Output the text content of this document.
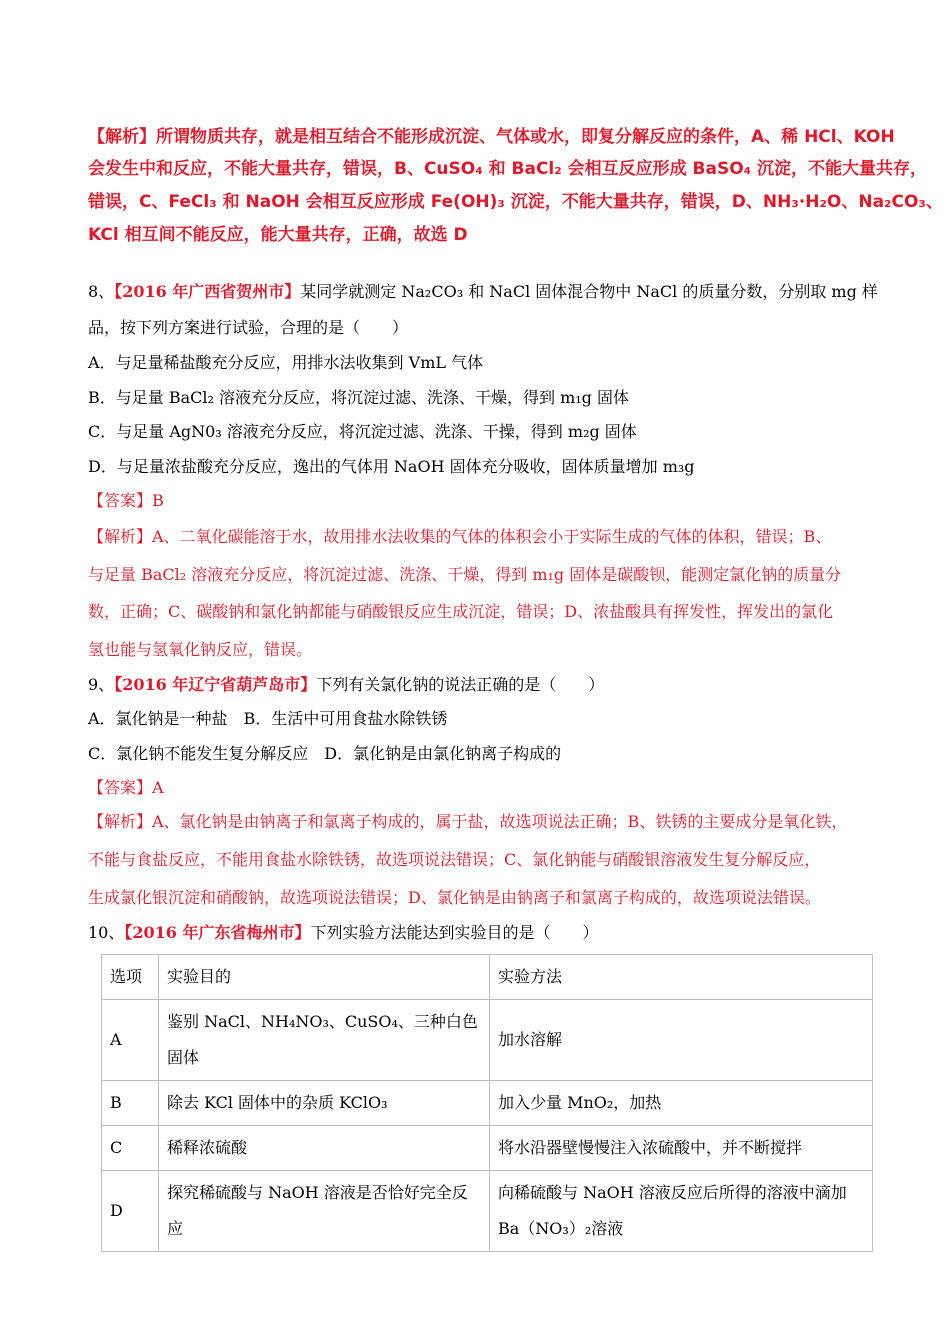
【解析】所谓物质共存，就是相互结合不能形成沉淀、气体或水，即复分解反应的条件，A、稀 HCl、KOH
会发生中和反应，不能大量共存，错误，B、CuSO₄ 和 BaCl₂ 会相互反应形成 BaSO₄ 沉淀，不能大量共存，
错误，C、FeCl₃ 和 NaOH 会相互反应形成 Fe(OH)₃ 沉淀，不能大量共存，错误，D、NH₃·H₂O、Na₂CO₃、
KCl 相互间不能反应，能大量共存，正确，故选 D
8、【2016 年广西省贺州市】某同学就测定 Na₂CO₃ 和 NaCl 固体混合物中 NaCl 的质量分数，分别取 mg 样
品，按下列方案进行试验，合理的是（　　）
A．与足量稀盐酸充分反应，用排水法收集到 VmL 气体
B．与足量 BaCl₂ 溶液充分反应，将沉淀过滤、洗涤、干燥，得到 m₁g 固体
C．与足量 AgN0₃ 溶液充分反应，将沉淀过滤、洗涤、干操，得到 m₂g 固体
D．与足量浓盐酸充分反应，逸出的气体用 NaOH 固体充分吸收，固体质量增加 m₃g
【答案】B
【解析】A、二氧化碳能溶于水，故用排水法收集的气体的体积会小于实际生成的气体的体积，错误；B、
与足量 BaCl₂ 溶液充分反应，将沉淀过滤、洗涤、干燥，得到 m₁g 固体是碳酸钡，能测定氯化钠的质量分
数，正确；C、碳酸钠和氯化钠都能与硝酸银反应生成沉淀，错误；D、浓盐酸具有挥发性，挥发出的氯化
氢也能与氢氧化钠反应，错误。
9、【2016 年辽宁省葫芦岛市】下列有关氯化钠的说法正确的是（　　）
A．氯化钠是一种盐　B．生活中可用食盐水除铁锈
C．氯化钠不能发生复分解反应　D．氯化钠是由氯化钠离子构成的
【答案】A
【解析】A、氯化钠是由钠离子和氯离子构成的，属于盐，故选项说法正确；B、铁锈的主要成分是氧化铁，
不能与食盐反应，不能用食盐水除铁锈，故选项说法错误；C、氯化钠能与硝酸银溶液发生复分解反应，
生成氯化银沉淀和硝酸钠，故选项说法错误；D、氯化钠是由钠离子和氯离子构成的，故选项说法错误。
10、【2016 年广东省梅州市】下列实验方法能达到实验目的是（　　）
选项	实验目的	实验方法
A	鉴别 NaCl、NH₄NO₃、CuSO₄、三种白色固体	加水溶解
B	除去 KCl 固体中的杂质 KClO₃	加入少量 MnO₂，加热
C	稀释浓硫酸	将水沿器壁慢慢注入浓硫酸中，并不断搅拌
D	探究稀硫酸与 NaOH 溶液是否恰好完全反应	向稀硫酸与 NaOH 溶液反应后所得的溶液中滴加 Ba（NO₃）₂溶液
